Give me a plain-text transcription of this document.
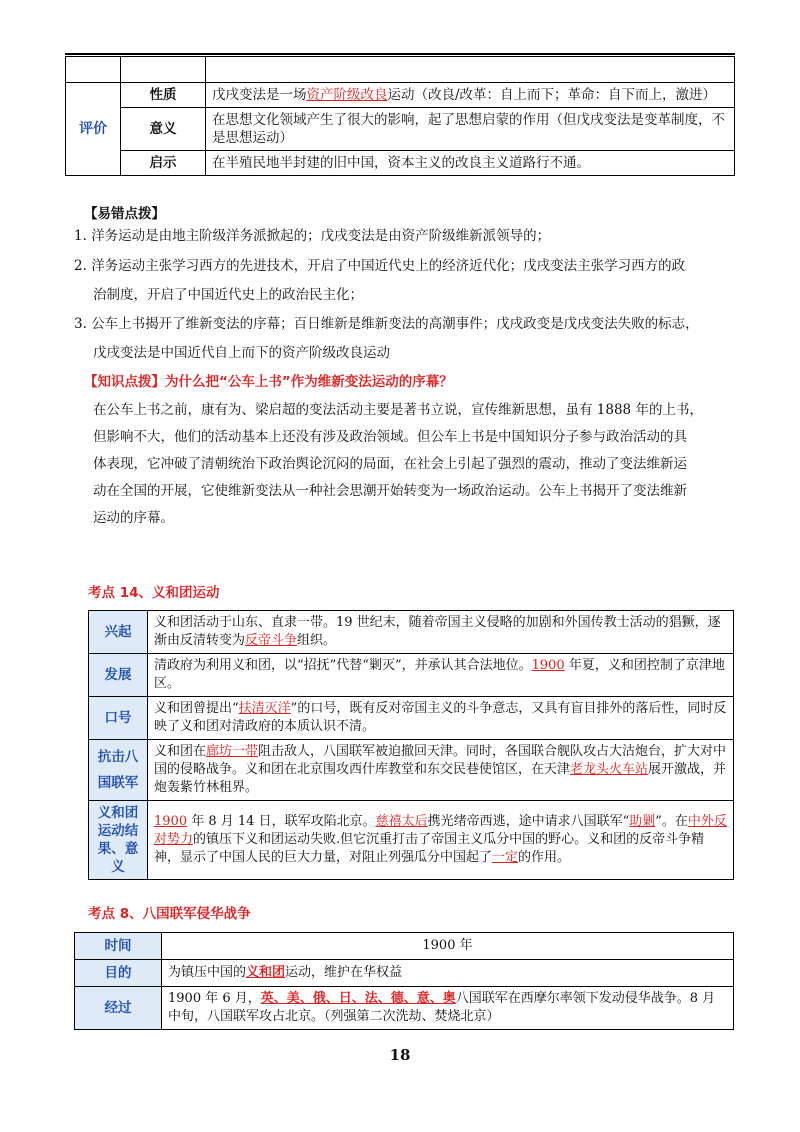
评价	性质	戊戌变法是一场资产阶级改良运动（改良/改革：自上而下；革命：自下而上，激进）
	意义	在思想文化领域产生了很大的影响，起了思想启蒙的作用（但戊戌变法是变革制度，不是思想运动）
	启示	在半殖民地半封建的旧中国，资本主义的改良主义道路行不通。
【易错点拨】
1. 洋务运动是由地主阶级洋务派掀起的；戊戌变法是由资产阶级维新派领导的；
2. 洋务运动主张学习西方的先进技术，开启了中国近代史上的经济近代化；戊戌变法主张学习西方的政
治制度，开启了中国近代史上的政治民主化；
3. 公车上书揭开了维新变法的序幕；百日维新是维新变法的高潮事件；戊戌政变是戊戌变法失败的标志，
戊戌变法是中国近代自上而下的资产阶级改良运动
【知识点拨】为什么把“公车上书”作为维新变法运动的序幕？
在公车上书之前，康有为、梁启超的变法活动主要是著书立说，宣传维新思想，虽有 1888 年的上书，
但影响不大，他们的活动基本上还没有涉及政治领域。但公车上书是中国知识分子参与政治活动的具
体表现，它冲破了清朝统治下政治舆论沉闷的局面，在社会上引起了强烈的震动，推动了变法维新运
动在全国的开展，它使维新变法从一种社会思潮开始转变为一场政治运动。公车上书揭开了变法维新
运动的序幕。
考点 14、义和团运动
兴起	义和团活动于山东、直隶一带。19 世纪末，随着帝国主义侵略的加剧和外国传教士活动的猖獗，逐渐由反清转变为反帝斗争组织。
发展	清政府为利用义和团，以“招抚”代替“剿灭”，并承认其合法地位。1900 年夏，义和团控制了京津地区。
口号	义和团曾提出“扶清灭洋”的口号，既有反对帝国主义的斗争意志，又具有盲目排外的落后性，同时反映了义和团对清政府的本质认识不清。
抗击八国联军	义和团在廊坊一带阻击敌人，八国联军被迫撤回天津。同时，各国联合舰队攻占大沽炮台，扩大对中国的侵略战争。义和团在北京围攻西什库教堂和东交民巷使馆区，在天津老龙头火车站展开激战，并炮轰紫竹林租界。
义和团运动结果、意义	1900 年 8 月 14 日，联军攻陷北京。慈禧太后携光绪帝西逃，途中请求八国联军“助剿”。在中外反对势力的镇压下义和团运动失败.但它沉重打击了帝国主义瓜分中国的野心。义和团的反帝斗争精神，显示了中国人民的巨大力量，对阻止列强瓜分中国起了一定的作用。
考点 8、八国联军侵华战争
时间	1900 年
目的	为镇压中国的义和团运动，维护在华权益
经过	1900 年 6 月，英、美、俄、日、法、德、意、奥八国联军在西摩尔率领下发动侵华战争。8 月中旬，八国联军攻占北京。（列强第二次洗劫、焚烧北京）
18
